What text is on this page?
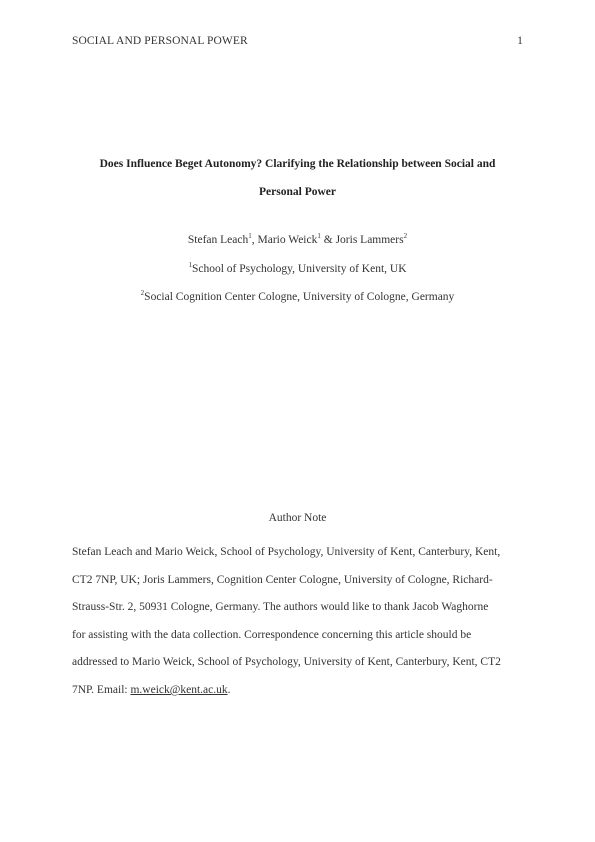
SOCIAL AND PERSONAL POWER	1
Does Influence Beget Autonomy? Clarifying the Relationship between Social and
Personal Power
Stefan Leach$^1$, Mario Weick$^1$ & Joris Lammers$^2$
$^1$School of Psychology, University of Kent, UK
$^2$Social Cognition Center Cologne, University of Cologne, Germany
Author Note
Stefan Leach and Mario Weick, School of Psychology, University of Kent, Canterbury, Kent,
CT2 7NP, UK; Joris Lammers, Cognition Center Cologne, University of Cologne, Richard-
Strauss-Str. 2, 50931 Cologne, Germany. The authors would like to thank Jacob Waghorne
for assisting with the data collection. Correspondence concerning this article should be
addressed to Mario Weick, School of Psychology, University of Kent, Canterbury, Kent, CT2
7NP. Email: m.weick@kent.ac.uk.
